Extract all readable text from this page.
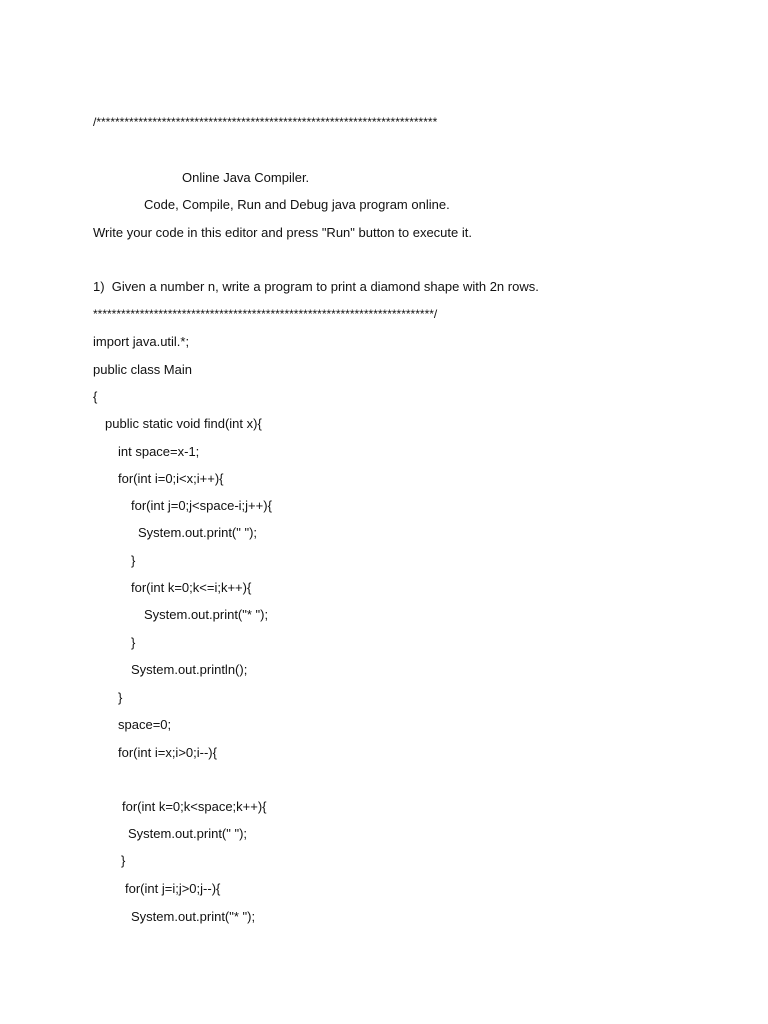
/*************************************************************************
Online Java Compiler.
Code, Compile, Run and Debug java program online.
Write your code in this editor and press "Run" button to execute it.
1)  Given a number n, write a program to print a diamond shape with 2n rows.
*************************************************************************/
import java.util.*;
public class Main
{
public static void find(int x){
int space=x-1;
for(int i=0;i<x;i++){
for(int j=0;j<space-i;j++){
System.out.print(" ");
}
for(int k=0;k<=i;k++){
System.out.print("* ");
}
System.out.println();
}
space=0;
for(int i=x;i>0;i--){
for(int k=0;k<space;k++){
System.out.print(" ");
}
for(int j=i;j>0;j--){
System.out.print("* ");
